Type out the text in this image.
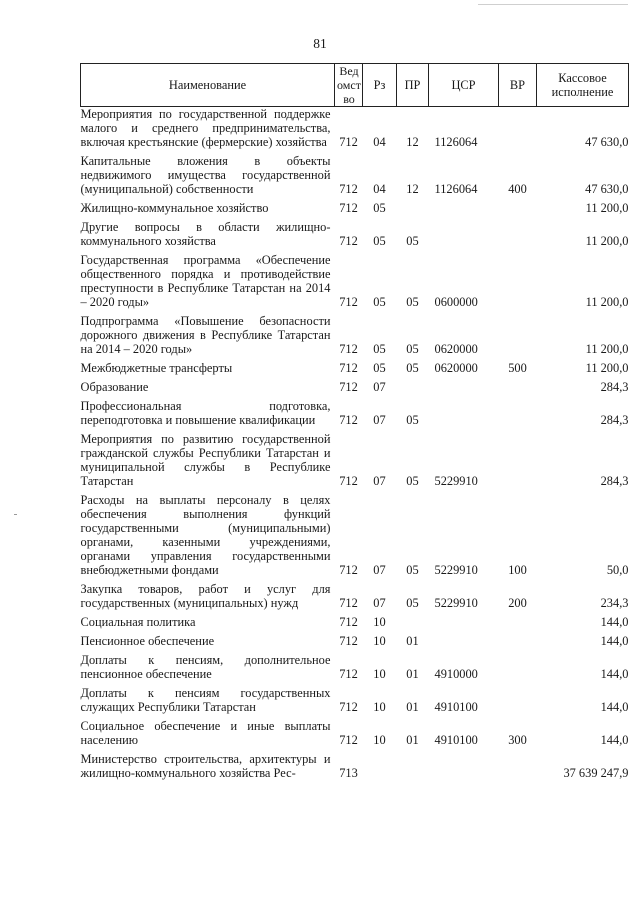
81
Наименование	Ведомство	Рз	ПР	ЦСР	ВР	Кассовое исполнение
Мероприятия по государственной поддержке малого и среднего предпринимательства, включая крестьянские (фермерские) хозяйства	712	04	12	1126064		47 630,0
Капитальные вложения в объекты недвижимого имущества государственной (муниципальной) собственности	712	04	12	1126064	400	47 630,0
Жилищно-коммунальное хозяйство	712	05				11 200,0
Другие вопросы в области жилищно-коммунального хозяйства	712	05	05			11 200,0
Государственная программа «Обеспечение общественного порядка и противодействие преступности в Республике Татарстан на 2014 – 2020 годы»	712	05	05	0600000		11 200,0
Подпрограмма «Повышение безопасности дорожного движения в Республике Татарстан на 2014 – 2020 годы»	712	05	05	0620000		11 200,0
Межбюджетные трансферты	712	05	05	0620000	500	11 200,0
Образование	712	07				284,3
Профессиональная подготовка, переподготовка и повышение квалификации	712	07	05			284,3
Мероприятия по развитию государственной гражданской службы Республики Татарстан и муниципальной службы в Республике Татарстан	712	07	05	5229910		284,3
Расходы на выплаты персоналу в целях обеспечения выполнения функций государственными (муниципальными) органами, казенными учреждениями, органами управления государственными внебюджетными фондами	712	07	05	5229910	100	50,0
Закупка товаров, работ и услуг для государственных (муниципальных) нужд	712	07	05	5229910	200	234,3
Социальная политика	712	10				144,0
Пенсионное обеспечение	712	10	01			144,0
Доплаты к пенсиям, дополнительное пенсионное обеспечение	712	10	01	4910000		144,0
Доплаты к пенсиям государственных служащих Республики Татарстан	712	10	01	4910100		144,0
Социальное обеспечение и иные выплаты населению	712	10	01	4910100	300	144,0
Министерство строительства, архитектуры и жилищно-коммунального хозяйства Рес-	713					37 639 247,9
